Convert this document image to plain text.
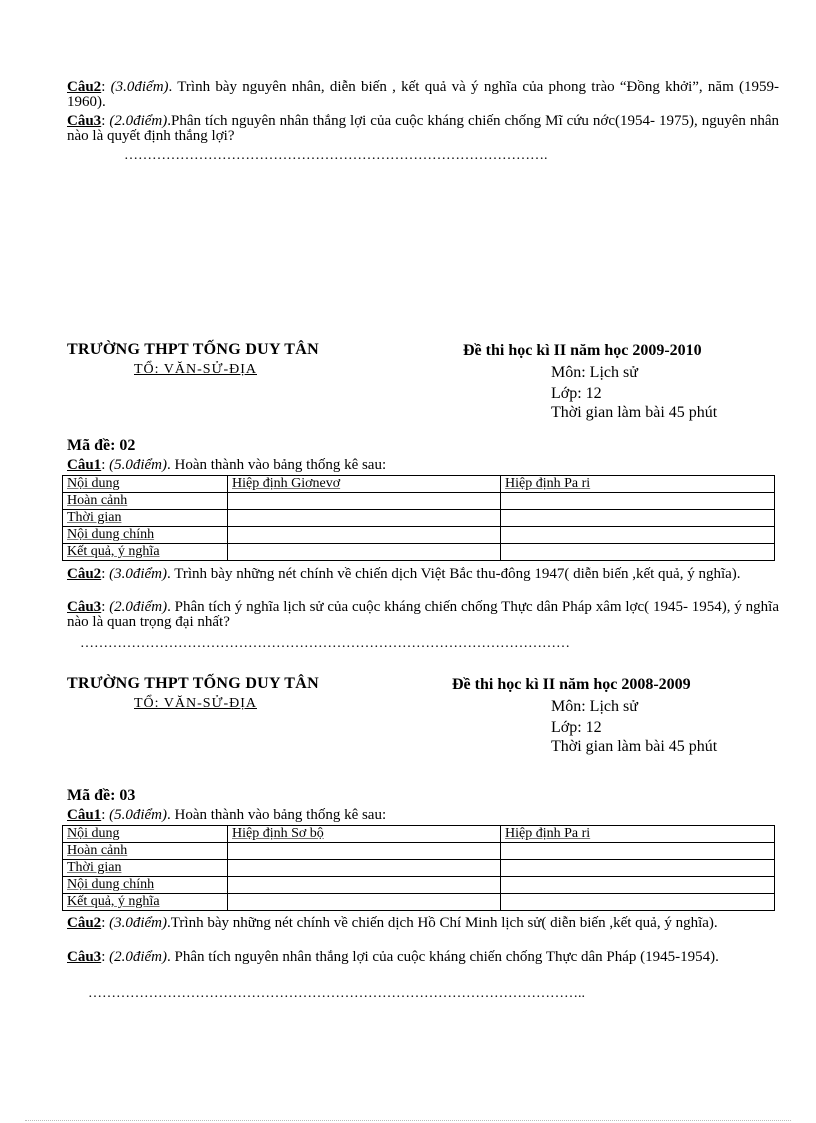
Câu2: (3.0điểm). Trình bày nguyên nhân, diễn biến , kết quả và ý nghĩa của phong trào “Đồng khởi”, năm (1959-1960).
Câu3: (2.0điểm).Phân tích nguyên nhân thắng lợi của cuộc kháng chiến chống Mĩ cứu nớc(1954- 1975), nguyên nhân nào là quyết định thắng lợi?
……………………………………………………………………………….
TRƯỜNG THPT TỐNG DUY TÂN
TỔ: VĂN-SỬ-ĐỊA
Đề thi học kì II năm học 2009-2010
Môn: Lịch sử
Lớp: 12
Thời gian làm bài 45 phút
Mã đề: 02
Câu1: (5.0điểm). Hoàn thành vào bảng thống kê sau:
Nội dung	Hiệp định Giơnevơ	Hiệp định Pa ri
Hoàn cảnh		
Thời gian		
Nội dung chính		
Kết quả, ý nghĩa		
Câu2: (3.0điểm). Trình bày những nét chính về chiến dịch Việt Bắc thu-đông 1947( diễn biến ,kết quả, ý nghĩa).
Câu3: (2.0điểm). Phân tích ý nghĩa lịch sử của cuộc kháng chiến chống Thực dân Pháp xâm lợc( 1945- 1954), ý nghĩa nào là quan trọng đại nhất?
……………………………………………………………………………………………
TRƯỜNG THPT TỐNG DUY TÂN
TỔ: VĂN-SỬ-ĐỊA
Đề thi học kì II năm học 2008-2009
Môn: Lịch sử
Lớp: 12
Thời gian làm bài 45 phút
Mã đề: 03
Câu1: (5.0điểm). Hoàn thành vào bảng thống kê sau:
Nội dung	Hiệp định Sơ bộ	Hiệp định Pa ri
Hoàn cảnh		
Thời gian		
Nội dung chính		
Kết quả, ý nghĩa		
Câu2: (3.0điểm).Trình bày những nét chính về chiến dịch Hồ Chí Minh lịch sử( diễn biến ,kết quả, ý nghĩa).
Câu3: (2.0điểm). Phân tích nguyên nhân thắng lợi của cuộc kháng chiến chống Thực dân Pháp (1945-1954).
……………………………………………………………………………………………..
